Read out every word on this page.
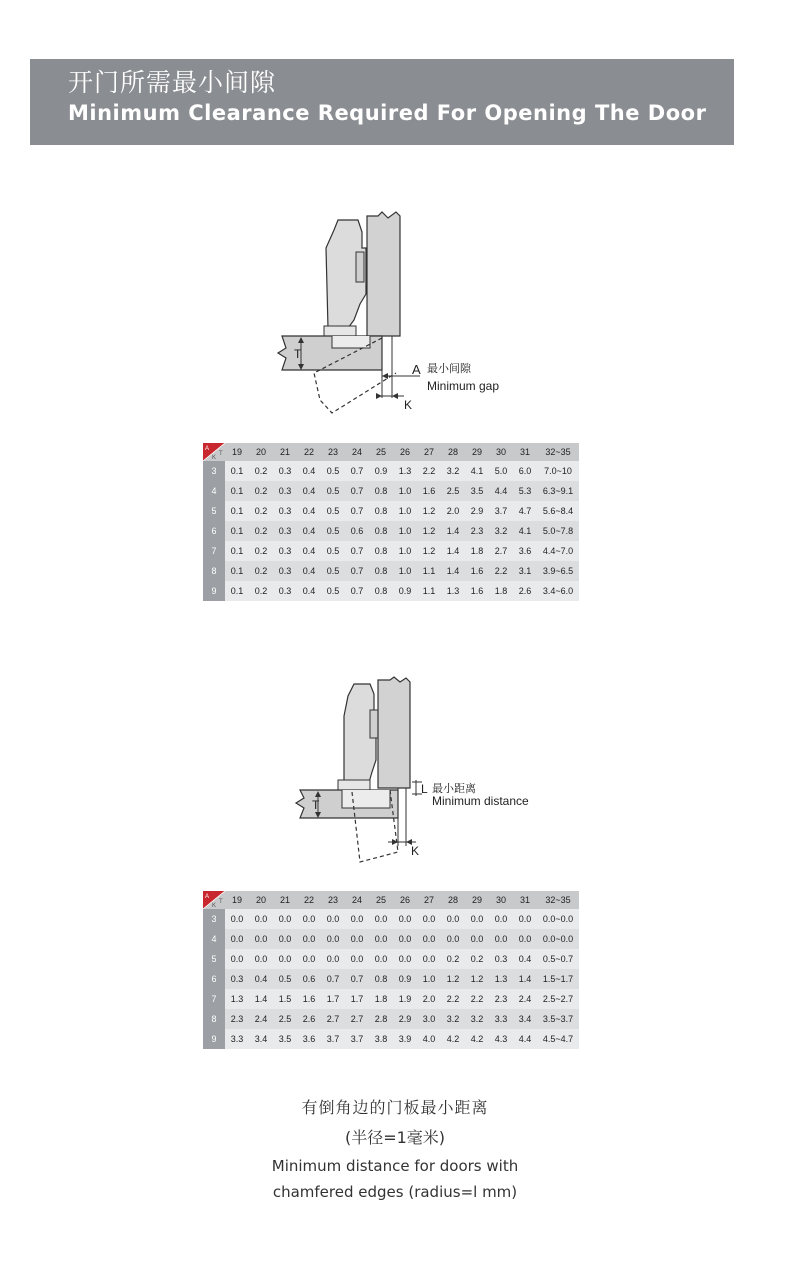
开门所需最小间隙
Minimum Clearance Required For Opening The Door
T
A
K
最小间隙
Minimum gap
A
K
T	19	20	21	22	23	24	25	26	27	28	29	30	31	32~35
3	0.1	0.2	0.3	0.4	0.5	0.7	0.9	1.3	2.2	3.2	4.1	5.0	6.0	7.0~10
4	0.1	0.2	0.3	0.4	0.5	0.7	0.8	1.0	1.6	2.5	3.5	4.4	5.3	6.3~9.1
5	0.1	0.2	0.3	0.4	0.5	0.7	0.8	1.0	1.2	2.0	2.9	3.7	4.7	5.6~8.4
6	0.1	0.2	0.3	0.4	0.5	0.6	0.8	1.0	1.2	1.4	2.3	3.2	4.1	5.0~7.8
7	0.1	0.2	0.3	0.4	0.5	0.7	0.8	1.0	1.2	1.4	1.8	2.7	3.6	4.4~7.0
8	0.1	0.2	0.3	0.4	0.5	0.7	0.8	1.0	1.1	1.4	1.6	2.2	3.1	3.9~6.5
9	0.1	0.2	0.3	0.4	0.5	0.7	0.8	0.9	1.1	1.3	1.6	1.8	2.6	3.4~6.0
T
L 最小距离
Minimum distance
K
A
K
T	19	20	21	22	23	24	25	26	27	28	29	30	31	32~35
3	0.0	0.0	0.0	0.0	0.0	0.0	0.0	0.0	0.0	0.0	0.0	0.0	0.0	0.0~0.0
4	0.0	0.0	0.0	0.0	0.0	0.0	0.0	0.0	0.0	0.0	0.0	0.0	0.0	0.0~0.0
5	0.0	0.0	0.0	0.0	0.0	0.0	0.0	0.0	0.0	0.2	0.2	0.3	0.4	0.5~0.7
6	0.3	0.4	0.5	0.6	0.7	0.7	0.8	0.9	1.0	1.2	1.2	1.3	1.4	1.5~1.7
7	1.3	1.4	1.5	1.6	1.7	1.7	1.8	1.9	2.0	2.2	2.2	2.3	2.4	2.5~2.7
8	2.3	2.4	2.5	2.6	2.7	2.7	2.8	2.9	3.0	3.2	3.2	3.3	3.4	3.5~3.7
9	3.3	3.4	3.5	3.6	3.7	3.7	3.8	3.9	4.0	4.2	4.2	4.3	4.4	4.5~4.7
有倒角边的门板最小距离
(半径=1毫米)
Minimum distance for doors with
chamfered edges (radius=l mm)
